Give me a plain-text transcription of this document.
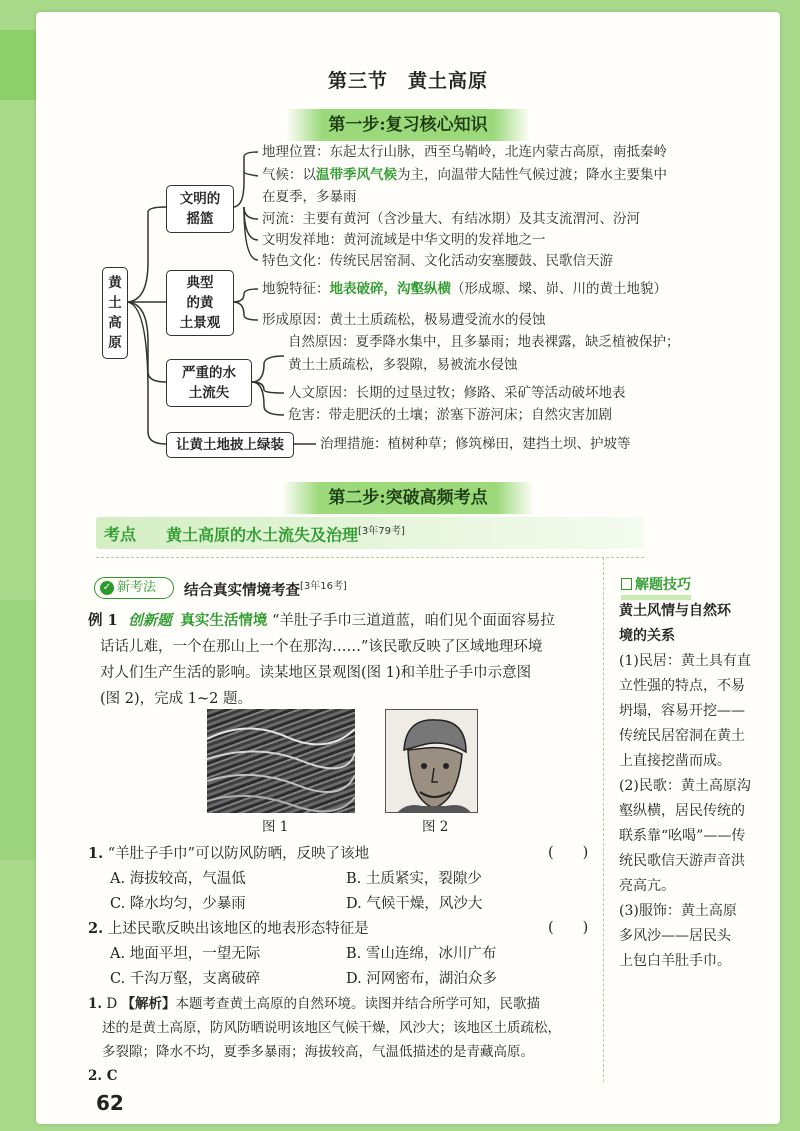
第三节　黄土高原
第一步:复习核心知识
黄
土
高
原
文明的
摇篮
地理位置：东起太行山脉，西至乌鞘岭，北连内蒙古高原，南抵秦岭
气候：以温带季风气候为主，向温带大陆性气候过渡；降水主要集中
在夏季，多暴雨
河流：主要有黄河（含沙量大、有结冰期）及其支流渭河、汾河
文明发祥地：黄河流域是中华文明的发祥地之一
特色文化：传统民居窑洞、文化活动安塞腰鼓、民歌信天游
典型
的黄
土景观
地貌特征：地表破碎，沟壑纵横（形成塬、墚、峁、川的黄土地貌）
形成原因：黄土土质疏松，极易遭受流水的侵蚀
严重的水
土流失
自然原因：夏季降水集中，且多暴雨；地表裸露，缺乏植被保护；
黄土土质疏松，多裂隙，易被流水侵蚀
人文原因：长期的过垦过牧；修路、采矿等活动破坏地表
危害：带走肥沃的土壤；淤塞下游河床；自然灾害加剧
让黄土地披上绿装	治理措施：植树种草；修筑梯田，建挡土坝、护坡等
第二步:突破高频考点
考点 黄土高原的水土流失及治理[3年79考]
✓ 新考法	结合真实情境考查[3年16考]
例 1 创新题 真实生活情境 “羊肚子手巾三道道蓝，咱们见个面面容易拉
话话儿难，一个在那山上一个在那沟……”该民歌反映了区域地理环境
对人们生产生活的影响。读某地区景观图(图 1)和羊肚子手巾示意图
(图 2)，完成 1~2 题。
图 1	图 2
1. “羊肚子手巾”可以防风防晒，反映了该地	(　　)
A. 海拔较高，气温低	B. 土质紧实，裂隙少
C. 降水均匀，少暴雨	D. 气候干燥，风沙大
2. 上述民歌反映出该地区的地表形态特征是	(　　)
A. 地面平坦，一望无际	B. 雪山连绵，冰川广布
C. 千沟万壑，支离破碎	D. 河网密布，湖泊众多
1. D 【解析】本题考查黄土高原的自然环境。读图并结合所学可知，民歌描
述的是黄土高原，防风防晒说明该地区气候干燥，风沙大；该地区土质疏松，
多裂隙；降水不均，夏季多暴雨；海拔较高，气温低描述的是青藏高原。
2. C
解题技巧
黄土风情与自然环
境的关系
(1)民居：黄土具有直
立性强的特点，不易
坍塌，容易开挖——
传统民居窑洞在黄土
上直接挖凿而成。
(2)民歌：黄土高原沟
壑纵横，居民传统的
联系靠“吆喝”——传
统民歌信天游声音洪
亮高亢。
(3)服饰：黄土高原
多风沙——居民头
上包白羊肚手巾。
62
